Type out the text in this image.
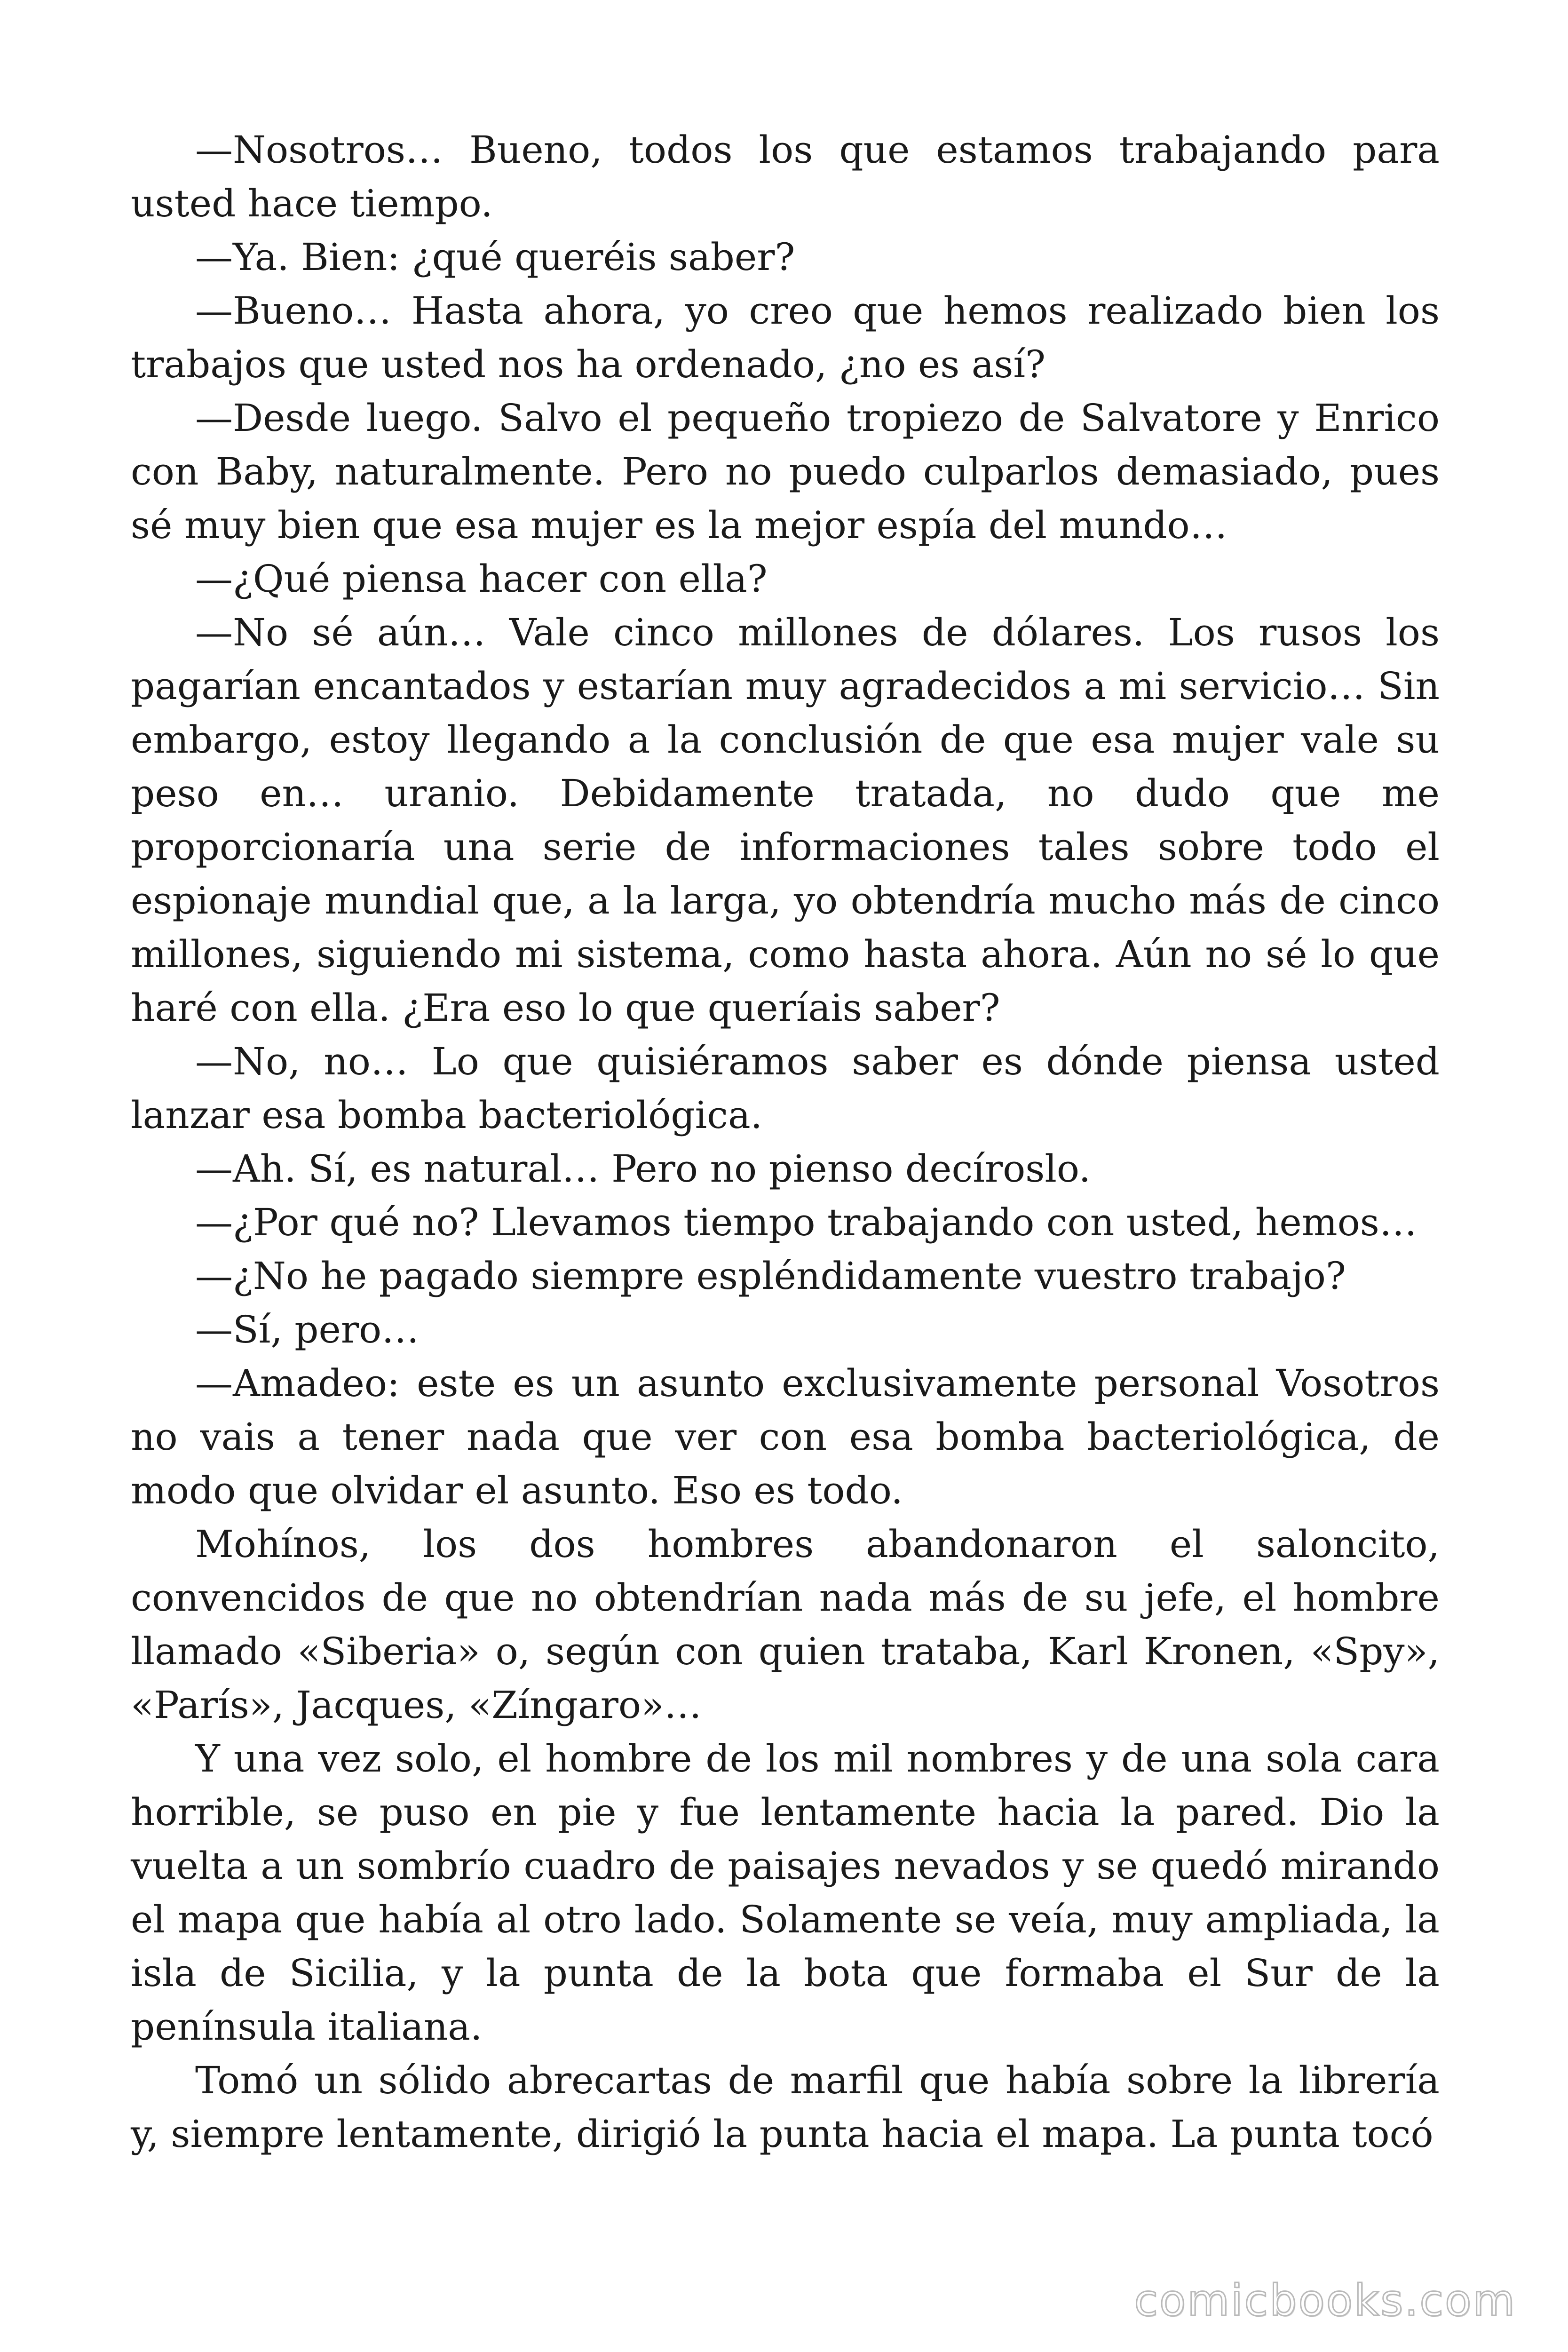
—Nosotros… Bueno, todos los que estamos trabajando para usted hace tiempo.

—Ya. Bien: ¿qué queréis saber?

—Bueno… Hasta ahora, yo creo que hemos realizado bien los trabajos que usted nos ha ordenado, ¿no es así?

—Desde luego. Salvo el pequeño tropiezo de Salvatore y Enrico con Baby, naturalmente. Pero no puedo culparlos demasiado, pues sé muy bien que esa mujer es la mejor espía del mundo…

—¿Qué piensa hacer con ella?

—No sé aún… Vale cinco millones de dólares. Los rusos los pagarían encantados y estarían muy agradecidos a mi servicio… Sin embargo, estoy llegando a la conclusión de que esa mujer vale su peso en… uranio. Debidamente tratada, no dudo que me proporcionaría una serie de informaciones tales sobre todo el espionaje mundial que, a la larga, yo obtendría mucho más de cinco millones, siguiendo mi sistema, como hasta ahora. Aún no sé lo que haré con ella. ¿Era eso lo que queríais saber?

—No, no… Lo que quisiéramos saber es dónde piensa usted lanzar esa bomba bacteriológica.

—Ah. Sí, es natural… Pero no pienso decíroslo.

—¿Por qué no? Llevamos tiempo trabajando con usted, hemos…

—¿No he pagado siempre espléndidamente vuestro trabajo?

—Sí, pero…

—Amadeo: este es un asunto exclusivamente personal Vosotros no vais a tener nada que ver con esa bomba bacteriológica, de modo que olvidar el asunto. Eso es todo.

Mohínos, los dos hombres abandonaron el saloncito, convencidos de que no obtendrían nada más de su jefe, el hombre llamado «Siberia» o, según con quien trataba, Karl Kronen, «Spy», «París», Jacques, «Zíngaro»…

Y una vez solo, el hombre de los mil nombres y de una sola cara horrible, se puso en pie y fue lentamente hacia la pared. Dio la vuelta a un sombrío cuadro de paisajes nevados y se quedó mirando el mapa que había al otro lado. Solamente se veía, muy ampliada, la isla de Sicilia, y la punta de la bota que formaba el Sur de la península italiana.

Tomó un sólido abrecartas de marfil que había sobre la librería y, siempre lentamente, dirigió la punta hacia el mapa. La punta tocó

comicbooks.com
